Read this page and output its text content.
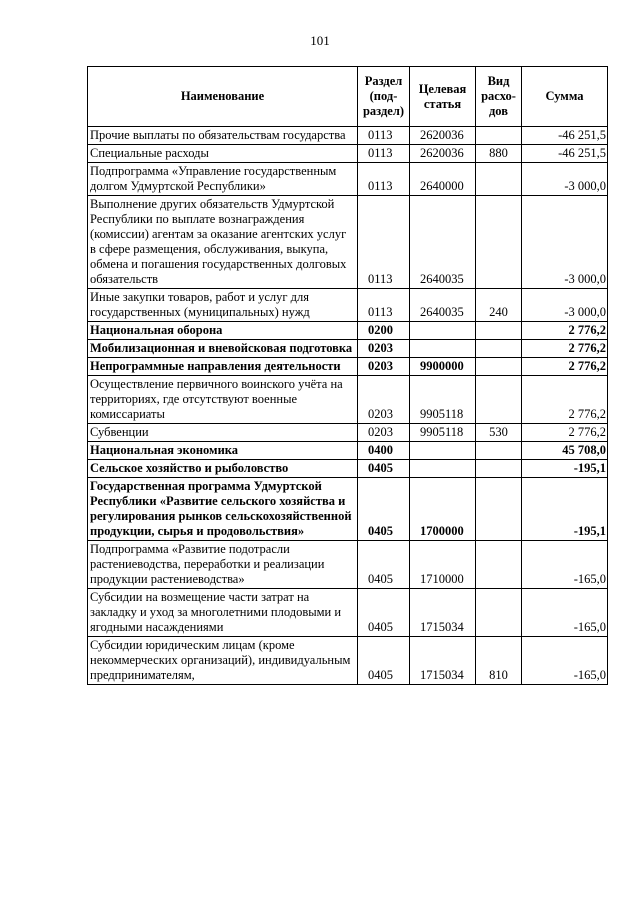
101
Наименование	Раздел (под-раздел)	Целевая статья	Вид расхо-дов	Сумма
Прочие выплаты по обязательствам государства	0113	2620036		-46 251,5
Специальные расходы	0113	2620036	880	-46 251,5
Подпрограмма «Управление государственным долгом Удмуртской Республики»	0113	2640000		-3 000,0
Выполнение других обязательств Удмуртской Республики по выплате вознаграждения (комиссии) агентам за оказание агентских услуг в сфере размещения, обслуживания, выкупа, обмена и погашения государственных долговых обязательств	0113	2640035		-3 000,0
Иные закупки товаров, работ и услуг для государственных (муниципальных) нужд	0113	2640035	240	-3 000,0
Национальная оборона	0200			2 776,2
Мобилизационная и вневойсковая подготовка	0203			2 776,2
Непрограммные направления деятельности	0203	9900000		2 776,2
Осуществление первичного воинского учёта на территориях, где отсутствуют военные комиссариаты	0203	9905118		2 776,2
Субвенции	0203	9905118	530	2 776,2
Национальная экономика	0400			45 708,0
Сельское хозяйство и рыболовство	0405			-195,1
Государственная программа Удмуртской Республики «Развитие сельского хозяйства и регулирования рынков сельскохозяйственной продукции, сырья и продовольствия»	0405	1700000		-195,1
Подпрограмма «Развитие подотрасли растениеводства, переработки и реализации продукции растениеводства»	0405	1710000		-165,0
Субсидии на возмещение части затрат на закладку и уход за многолетними плодовыми и ягодными насаждениями	0405	1715034		-165,0
Субсидии юридическим лицам (кроме некоммерческих организаций), индивидуальным предпринимателям,	0405	1715034	810	-165,0
